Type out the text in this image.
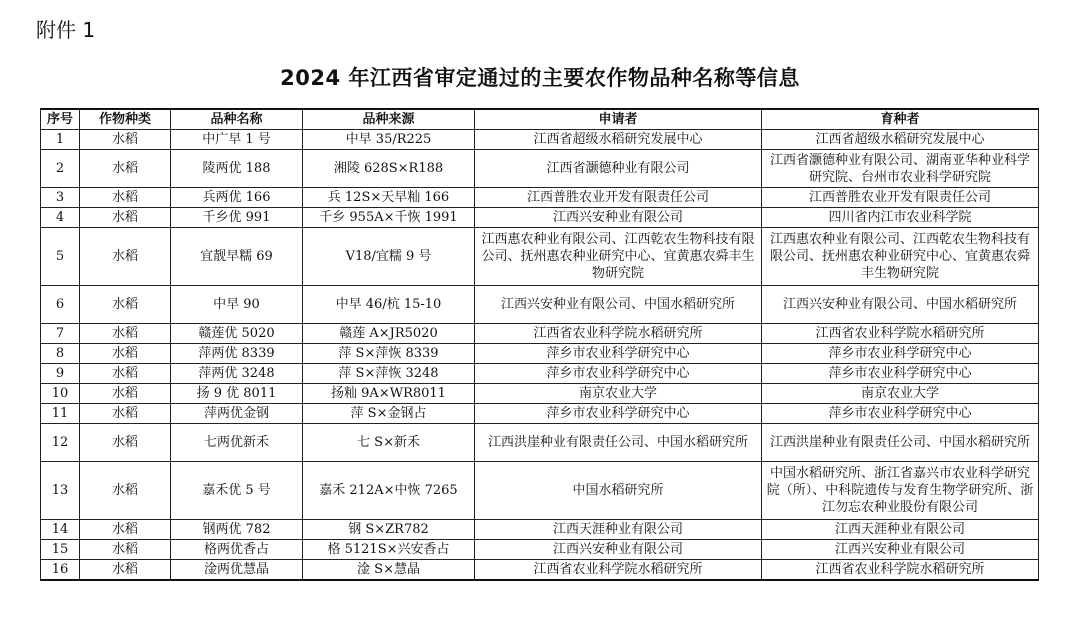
附件 1
2024 年江西省审定通过的主要农作物品种名称等信息
序号	作物种类	品种名称	品种来源	申请者	育种者
1	水稻	中广早 1 号	中早 35/R225	江西省超级水稻研究发展中心	江西省超级水稻研究发展中心
2	水稻	陵两优 188	湘陵 628S×R188	江西省灏德种业有限公司	江西省灏德种业有限公司、湖南亚华种业科学研究院、台州市农业科学研究院
3	水稻	兵两优 166	兵 12S×天早籼 166	江西普胜农业开发有限责任公司	江西普胜农业开发有限责任公司
4	水稻	千乡优 991	千乡 955A×千恢 1991	江西兴安种业有限公司	四川省内江市农业科学院
5	水稻	宜靓早糯 69	V18/宜糯 9 号	江西惠农种业有限公司、江西乾农生物科技有限公司、抚州惠农种业研究中心、宜黄惠农舜丰生物研究院	江西惠农种业有限公司、江西乾农生物科技有限公司、抚州惠农种业研究中心、宜黄惠农舜丰生物研究院
6	水稻	中早 90	中早 46/杭 15-10	江西兴安种业有限公司、中国水稻研究所	江西兴安种业有限公司、中国水稻研究所
7	水稻	赣莲优 5020	赣莲 A×JR5020	江西省农业科学院水稻研究所	江西省农业科学院水稻研究所
8	水稻	萍两优 8339	萍 S×萍恢 8339	萍乡市农业科学研究中心	萍乡市农业科学研究中心
9	水稻	萍两优 3248	萍 S×萍恢 3248	萍乡市农业科学研究中心	萍乡市农业科学研究中心
10	水稻	扬 9 优 8011	扬籼 9A×WR8011	南京农业大学	南京农业大学
11	水稻	萍两优金钢	萍 S×金钢占	萍乡市农业科学研究中心	萍乡市农业科学研究中心
12	水稻	七两优新禾	七 S×新禾	江西洪崖种业有限责任公司、中国水稻研究所	江西洪崖种业有限责任公司、中国水稻研究所
13	水稻	嘉禾优 5 号	嘉禾 212A×中恢 7265	中国水稻研究所	中国水稻研究所、浙江省嘉兴市农业科学研究院（所）、中科院遗传与发育生物学研究所、浙江勿忘农种业股份有限公司
14	水稻	钢两优 782	钢 S×ZR782	江西天涯种业有限公司	江西天涯种业有限公司
15	水稻	格两优香占	格 5121S×兴安香占	江西兴安种业有限公司	江西兴安种业有限公司
16	水稻	淦两优慧晶	淦 S×慧晶	江西省农业科学院水稻研究所	江西省农业科学院水稻研究所
